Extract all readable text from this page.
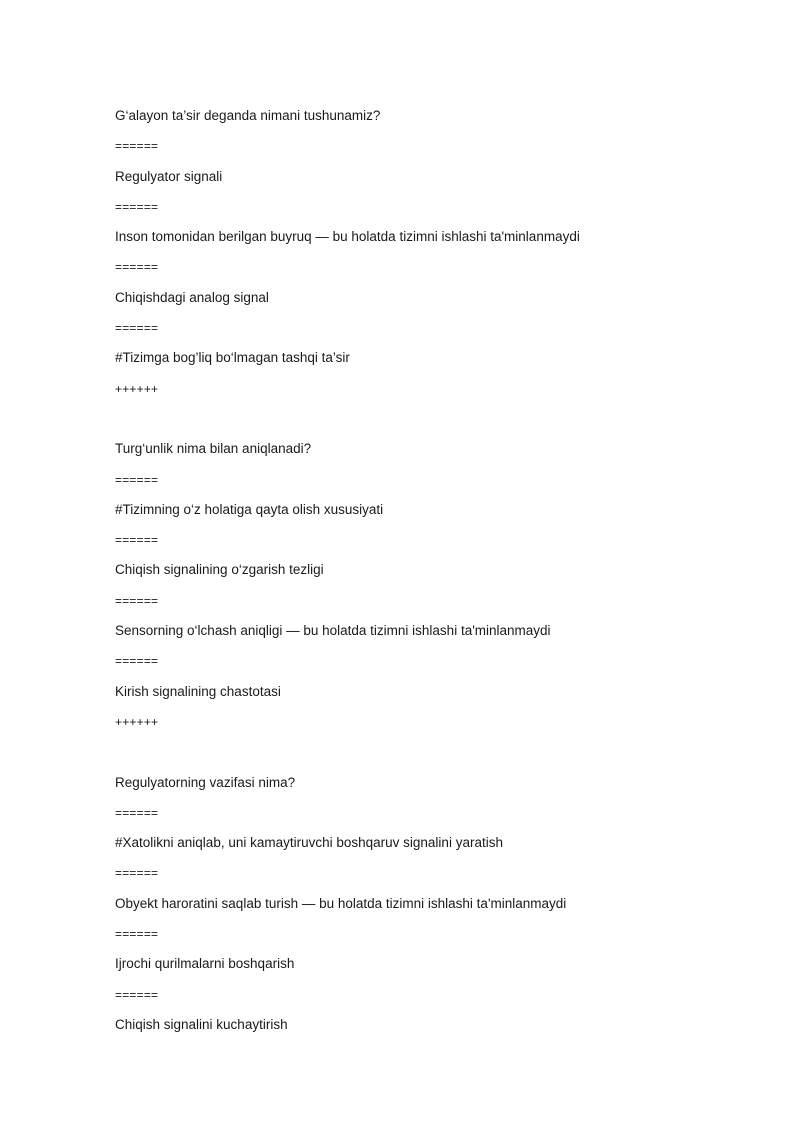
G‘alayon ta’sir deganda nimani tushunamiz?
======
Regulyator signali
======
Inson tomonidan berilgan buyruq — bu holatda tizimni ishlashi ta'minlanmaydi
======
Chiqishdagi analog signal
======
#Tizimga bog’liq bo‘lmagan tashqi ta’sir
++++++
Turg‘unlik nima bilan aniqlanadi?
======
#Tizimning o‘z holatiga qayta olish xususiyati
======
Chiqish signalining o‘zgarish tezligi
======
Sensorning o‘lchash aniqligi — bu holatda tizimni ishlashi ta'minlanmaydi
======
Kirish signalining chastotasi
++++++
Regulyatorning vazifasi nima?
======
#Xatolikni aniqlab, uni kamaytiruvchi boshqaruv signalini yaratish
======
Obyekt haroratini saqlab turish — bu holatda tizimni ishlashi ta'minlanmaydi
======
Ijrochi qurilmalarni boshqarish
======
Chiqish signalini kuchaytirish
